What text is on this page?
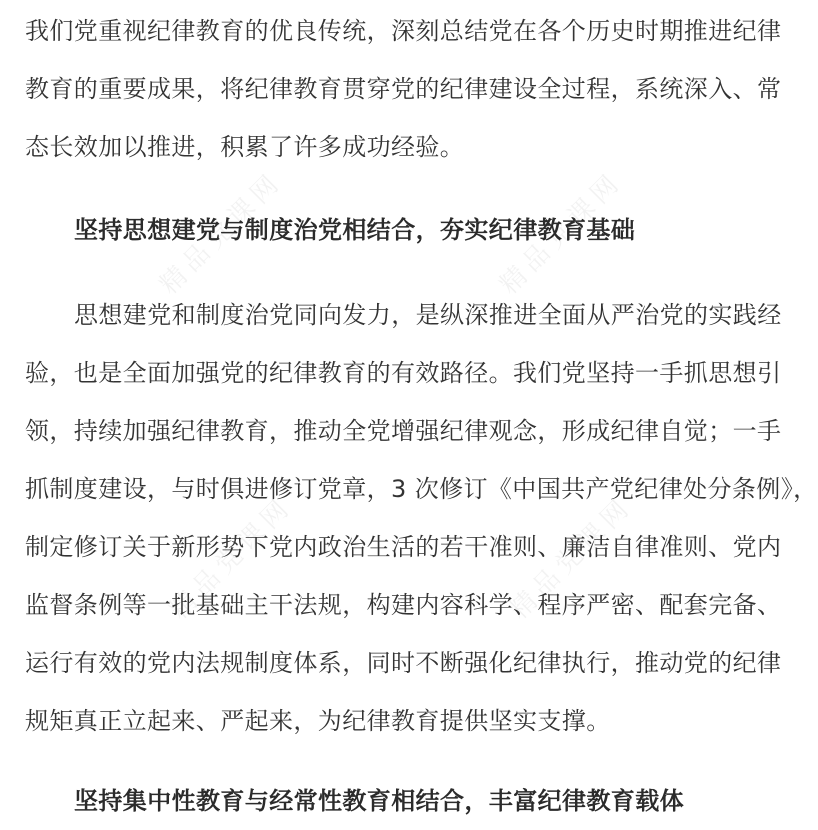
精品党课网	精品党课网
精品党课网	精品党课网
我们党重视纪律教育的优良传统，深刻总结党在各个历史时期推进纪律
教育的重要成果，将纪律教育贯穿党的纪律建设全过程，系统深入、常
态长效加以推进，积累了许多成功经验。
坚持思想建党与制度治党相结合，夯实纪律教育基础
思想建党和制度治党同向发力，是纵深推进全面从严治党的实践经
验，也是全面加强党的纪律教育的有效路径。我们党坚持一手抓思想引
领，持续加强纪律教育，推动全党增强纪律观念，形成纪律自觉；一手
抓制度建设，与时俱进修订党章，3 次修订《中国共产党纪律处分条例》，
制定修订关于新形势下党内政治生活的若干准则、廉洁自律准则、党内
监督条例等一批基础主干法规，构建内容科学、程序严密、配套完备、
运行有效的党内法规制度体系，同时不断强化纪律执行，推动党的纪律
规矩真正立起来、严起来，为纪律教育提供坚实支撑。
坚持集中性教育与经常性教育相结合，丰富纪律教育载体
